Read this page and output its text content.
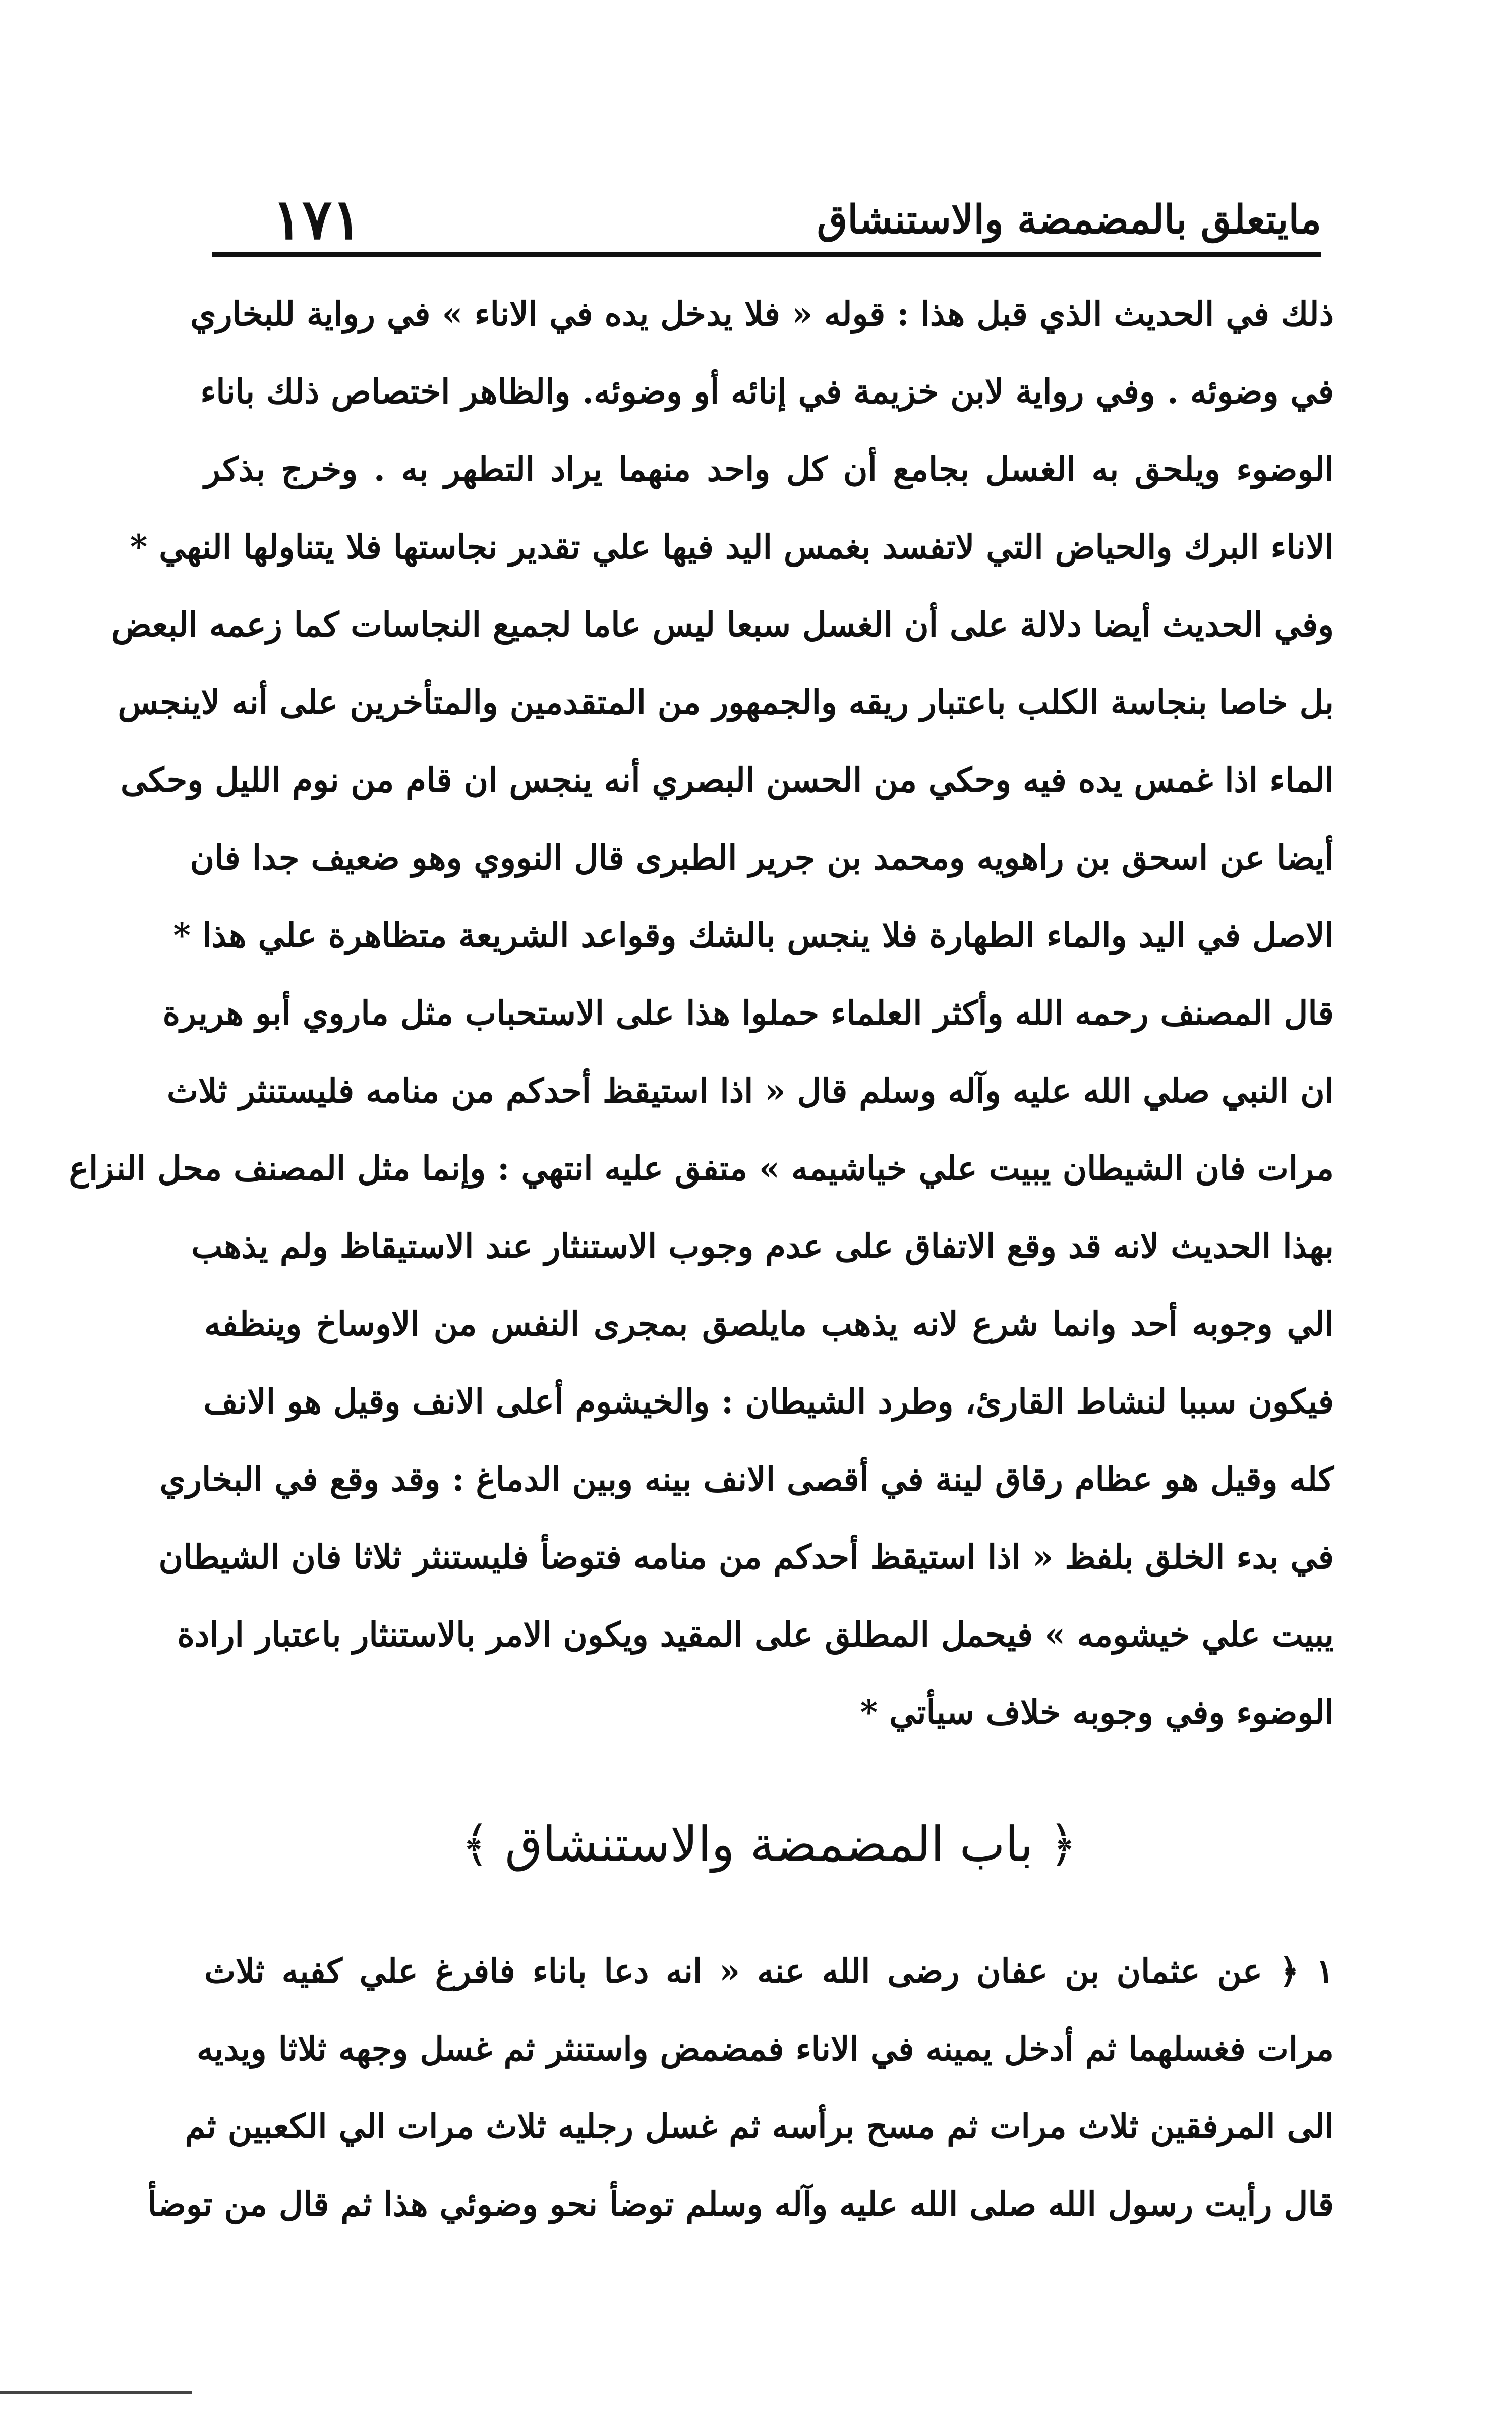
١٧١	مايتعلق بالمضمضة والاستنشاق
ذلك في الحديث الذي قبل هذا : قوله « فلا يدخل يده في الاناء » في رواية للبخاري
في وضوئه . وفي رواية لابن خزيمة في إنائه أو وضوئه. والظاهر اختصاص ذلك باناء
الوضوء ويلحق به الغسل بجامع أن كل واحد منهما يراد التطهر به . وخرج بذكر
الاناء البرك والحياض التي لاتفسد بغمس اليد فيها علي تقدير نجاستها فلا يتناولها النهي *
وفي الحديث أيضا دلالة على أن الغسل سبعا ليس عاما لجميع النجاسات كما زعمه البعض
بل خاصا بنجاسة الكلب باعتبار ريقه والجمهور من المتقدمين والمتأخرين على أنه لاينجس
الماء اذا غمس يده فيه وحكي من الحسن البصري أنه ينجس ان قام من نوم الليل وحكى
أيضا عن اسحق بن راهويه ومحمد بن جرير الطبرى قال النووي وهو ضعيف جدا فان
الاصل في اليد والماء الطهارة فلا ينجس بالشك وقواعد الشريعة متظاهرة علي هذا *
قال المصنف رحمه الله وأكثر العلماء حملوا هذا على الاستحباب مثل ماروي أبو هريرة
ان النبي صلي الله عليه وآله وسلم قال « اذا استيقظ أحدكم من منامه فليستنثر ثلاث
مرات فان الشيطان يبيت علي خياشيمه » متفق عليه انتهي : وإنما مثل المصنف محل النزاع
بهذا الحديث لانه قد وقع الاتفاق على عدم وجوب الاستنثار عند الاستيقاظ ولم يذهب
الي وجوبه أحد وانما شرع لانه يذهب مايلصق بمجرى النفس من الاوساخ وينظفه
فيكون سببا لنشاط القارئ، وطرد الشيطان : والخيشوم أعلى الانف وقيل هو الانف
كله وقيل هو عظام رقاق لينة في أقصى الانف بينه وبين الدماغ : وقد وقع في البخاري
في بدء الخلق بلفظ « اذا استيقظ أحدكم من منامه فتوضأ فليستنثر ثلاثا فان الشيطان
يبيت علي خيشومه » فيحمل المطلق على المقيد ويكون الامر بالاستنثار باعتبار ارادة
الوضوء وفي وجوبه خلاف سيأتي *
﴿ باب المضمضة والاستنشاق ﴾
١ ﴿ عن عثمان بن عفان رضى الله عنه « انه دعا باناء فافرغ علي كفيه ثلاث
مرات فغسلهما ثم أدخل يمينه في الاناء فمضمض واستنثر ثم غسل وجهه ثلاثا ويديه
الى المرفقين ثلاث مرات ثم مسح برأسه ثم غسل رجليه ثلاث مرات الي الكعبين ثم
قال رأيت رسول الله صلى الله عليه وآله وسلم توضأ نحو وضوئي هذا ثم قال من توضأ
